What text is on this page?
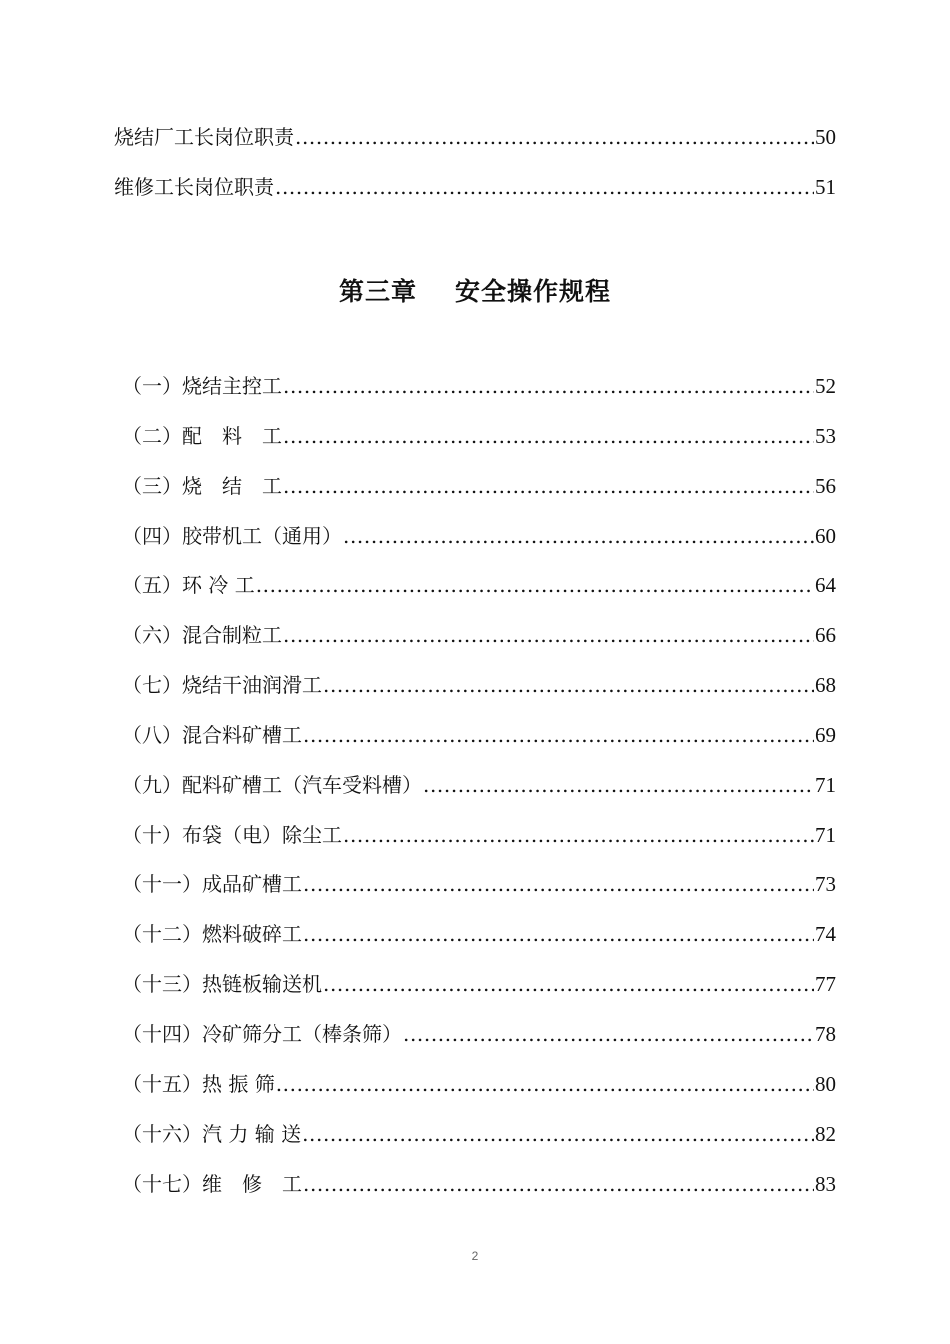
烧结厂工长岗位职责 .....	50
维修工长岗位职责 .....	51
第三章 安全操作规程
（一）烧结主控工 .....	52
（二）配　料　工 .....	53
（三）烧　结　工 .....	56
（四）胶带机工（通用） .....	60
（五）环 冷 工 .....	64
（六）混合制粒工 .....	66
（七）烧结干油润滑工 .....	68
（八）混合料矿槽工 .....	69
（九）配料矿槽工（汽车受料槽） .....	71
（十）布袋（电）除尘工 .....	71
（十一）成品矿槽工 .....	73
（十二）燃料破碎工 .....	74
（十三）热链板输送机 .....	77
（十四）冷矿筛分工（棒条筛） .....	78
（十五）热 振 筛 .....	80
（十六）汽 力 输 送 .....	82
（十七）维　修　工 .....	83
2
